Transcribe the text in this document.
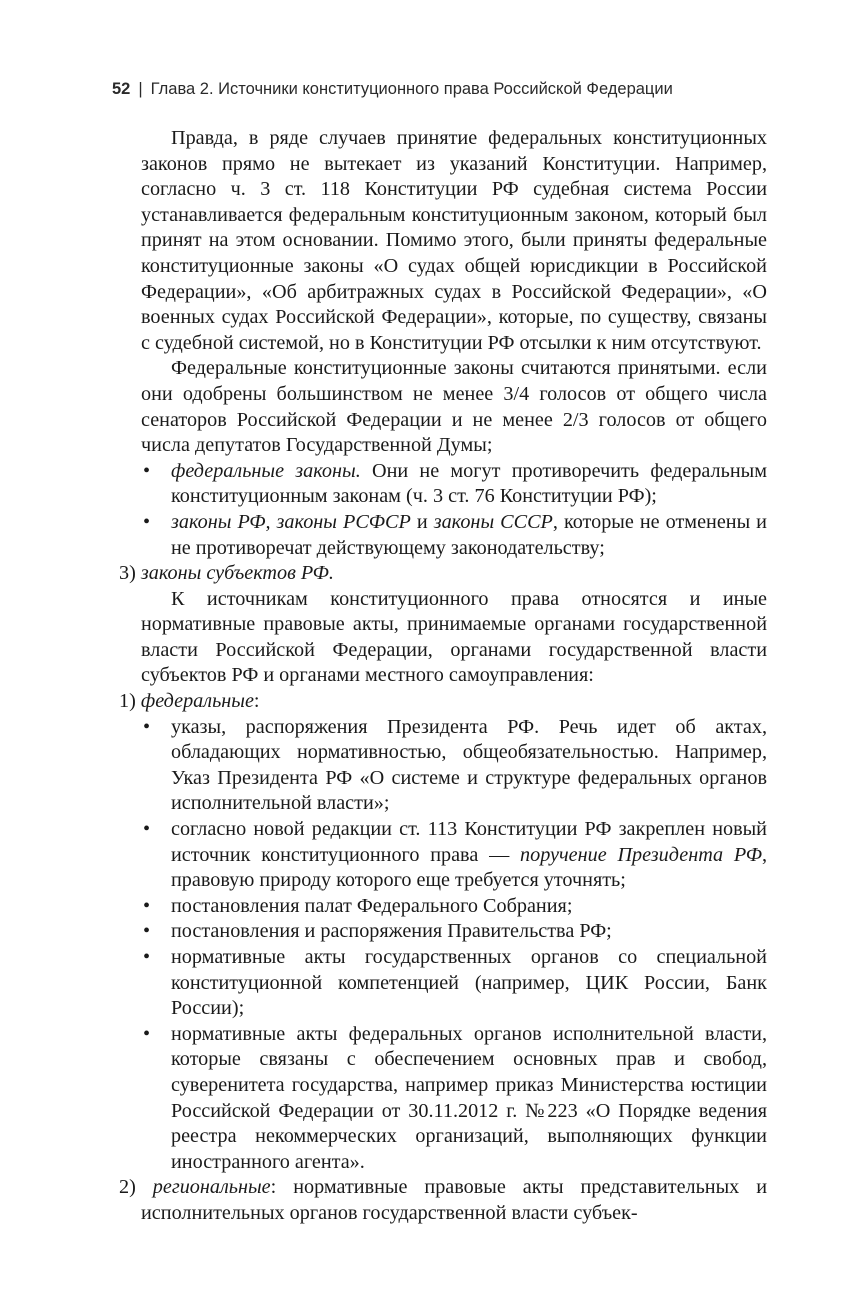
52 | Глава 2. Источники конституционного права Российской Федерации

Правда, в ряде случаев принятие федеральных конституционных законов прямо не вытекает из указаний Конституции. Например, согласно ч. 3 ст. 118 Конституции РФ судебная система России устанавливается федеральным конституционным законом, который был принят на этом основании. Помимо этого, были приняты федеральные конституционные законы «О судах общей юрисдикции в Российской Федерации», «Об арбитражных судах в Российской Федерации», «О военных судах Российской Федерации», которые, по существу, связаны с судебной системой, но в Конституции РФ отсылки к ним отсутствуют.

Федеральные конституционные законы считаются принятыми. если они одобрены большинством не менее 3/4 голосов от общего числа сенаторов Российской Федерации и не менее 2/3 голосов от общего числа депутатов Государственной Думы;

• федеральные законы. Они не могут противоречить федеральным конституционным законам (ч. 3 ст. 76 Конституции РФ);

• законы РФ, законы РСФСР и законы СССР, которые не отменены и не противоречат действующему законодательству;

3) законы субъектов РФ.

К источникам конституционного права относятся и иные нормативные правовые акты, принимаемые органами государственной власти Российской Федерации, органами государственной власти субъектов РФ и органами местного самоуправления:

1) федеральные:

• указы, распоряжения Президента РФ. Речь идет об актах, обладающих нормативностью, общеобязательностью. Например, Указ Президента РФ «О системе и структуре федеральных органов исполнительной власти»;

• согласно новой редакции ст. 113 Конституции РФ закреплен новый источник конституционного права — поручение Президента РФ, правовую природу которого еще требуется уточнять;

• постановления палат Федерального Собрания;

• постановления и распоряжения Правительства РФ;

• нормативные акты государственных органов со специальной конституционной компетенцией (например, ЦИК России, Банк России);

• нормативные акты федеральных органов исполнительной власти, которые связаны с обеспечением основных прав и свобод, суверенитета государства, например приказ Министерства юстиции Российской Федерации от 30.11.2012 г. №223 «О Порядке ведения реестра некоммерческих организаций, выполняющих функции иностранного агента».

2) региональные: нормативные правовые акты представительных и исполнительных органов государственной власти субъек-
